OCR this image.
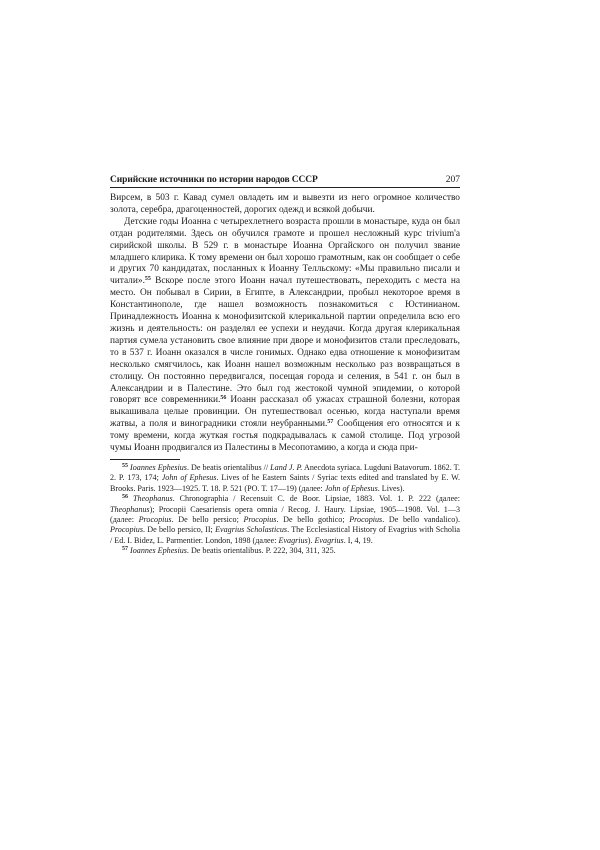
Сирийские источники по истории народов СССР	207

Вирсем, в 503 г. Кавад сумел овладеть им и вывезти из него огромное количество золота, серебра, драгоценностей, дорогих одежд и всякой добычи.

Детские годы Иоанна с четырехлетнего возраста прошли в монастыре, куда он был отдан родителями. Здесь он обучился грамоте и прошел несложный курс trivium'a сирийской школы. В 529 г. в монастыре Иоанна Оргайского он получил звание младшего клирика. К тому времени он был хорошо грамотным, как он сообщает о себе и других 70 кандидатах, посланных к Иоанну Телльскому: «Мы правильно писали и читали».$^{55}$ Вскоре после этого Иоанн начал путешествовать, переходить с места на место. Он побывал в Сирии, в Египте, в Александрии, пробыл некоторое время в Константинополе, где нашел возможность познакомиться с Юстинианом. Принадлежность Иоанна к монофизитской клерикальной партии определила всю его жизнь и деятельность: он разделял ее успехи и неудачи. Когда другая клерикальная партия сумела установить свое влияние при дворе и монофизитов стали преследовать, то в 537 г. Иоанн оказался в числе гонимых. Однако едва отношение к монофизитам несколько смягчилось, как Иоанн нашел возможным несколько раз возвращаться в столицу. Он постоянно передвигался, посещая города и селения, в 541 г. он был в Александрии и в Палестине. Это был год жестокой чумной эпидемии, о которой говорят все современники.$^{56}$ Иоанн рассказал об ужасах страшной болезни, которая выкашивала целые провинции. Он путешествовал осенью, когда наступали время жатвы, а поля и виноградники стояли неубранными.$^{57}$ Сообщения его относятся и к тому времени, когда жуткая гостья подкрадывалась к самой столице. Под угрозой чумы Иоанн продвигался из Палестины в Месопотамию, а когда и сюда при-

$^{55}$ Ioannes Ephesius. De beatis orientalibus // Land J. P. Anecdota syriaca. Lugduni Batavorum. 1862. T. 2. P. 173, 174; John of Ephesus. Lives of he Eastern Saints / Syriac texts edited and translated by E. W. Brooks. Paris. 1923—1925. T. 18. P. 521 (PO. T. 17—19) (далее: John of Ephesus. Lives).

$^{56}$ Theophanus. Chronographia / Recensuit C. de Boor. Lipsiae, 1883. Vol. 1. P. 222 (далее: Theophanus); Procopii Caesariensis opera omnia / Recog. J. Haury. Lipsiae, 1905—1908. Vol. 1—3 (далее: Procopius. De bello persico; Procopius. De bello gothico; Procopius. De bello vandalico). Procopius. De bello persico, II; Evagrius Scholasticus. The Ecclesiastical History of Evagrius with Scholia / Ed. I. Bidez, L. Parmentier. London, 1898 (далее: Evagrius). Evagrius. I, 4, 19.

$^{57}$ Ioannes Ephesius. De beatis orientalibus. P. 222, 304, 311, 325.
